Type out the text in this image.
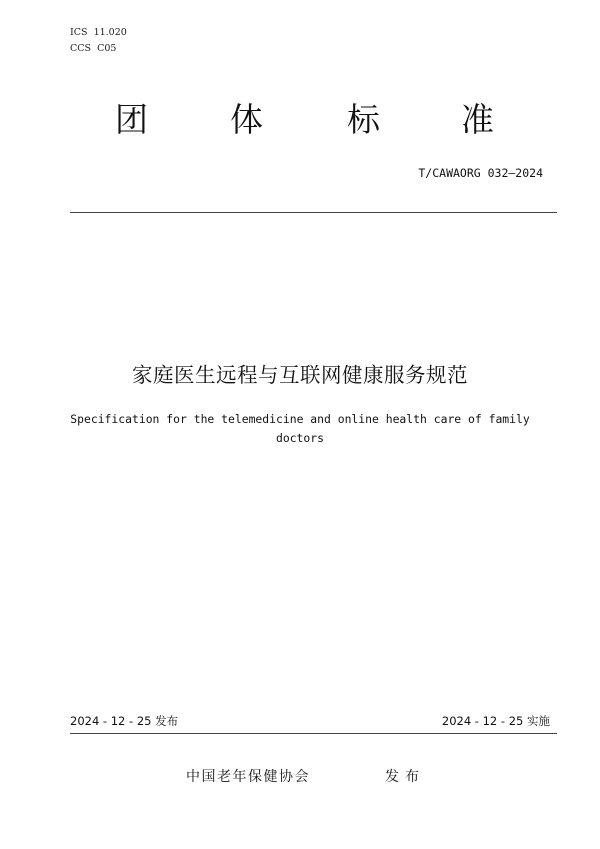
ICS  11.020
CCS  C05
团 体	标 准
T/CAWAORG 032—2024
家庭医生远程与互联网健康服务规范
Specification for the telemedicine and online health care of family doctors
2024 - 12 - 25 发布	2024 - 12 - 25 实施
中国老年保健协会	发布
